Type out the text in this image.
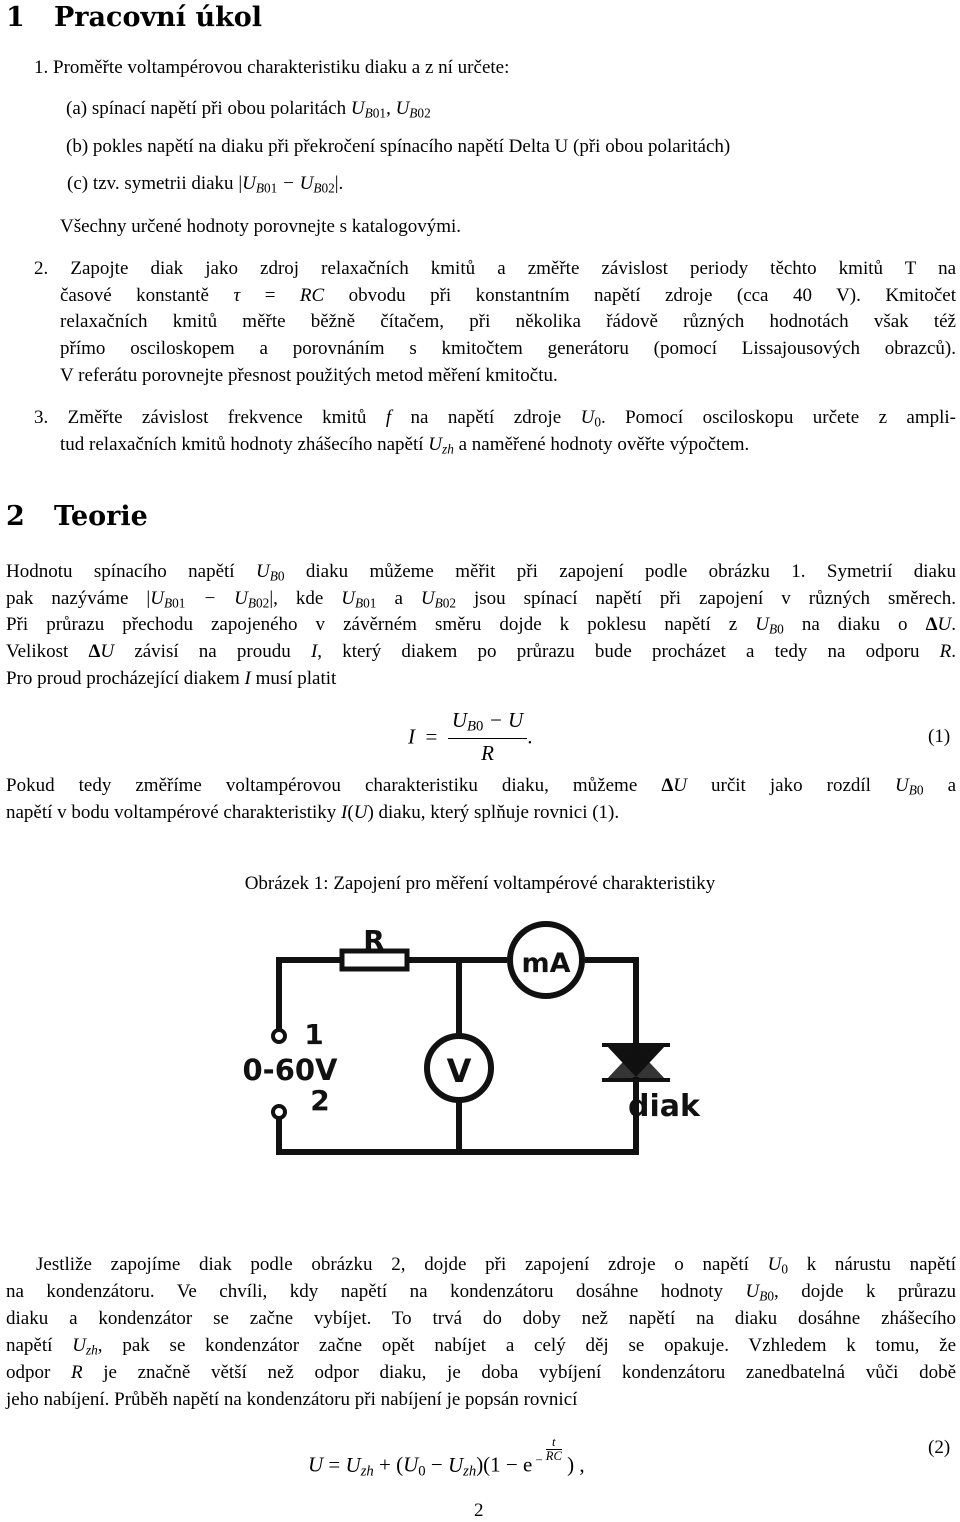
1 Pracovní úkol
1. Proměřte voltampérovou charakteristiku diaku a z ní určete:
(a) spínací napětí při obou polaritách $U_B01$, $U_B02$
(b) pokles napětí na diaku při překročení spínacího napětí Delta U (při obou polaritách)
(c) tzv. symetrii diaku $|U_B01 - U_B02|$.
Všechny určené hodnoty porovnejte s katalogovými.
2. Zapojte diak jako zdroj relaxačních kmitů a změřte závislost periody těchto kmitů T na
časové konstantě τ = RC obvodu při konstantním napětí zdroje (cca 40 V). Kmitočet
relaxačních kmitů měřte běžně čítačem, při několika řádově různých hodnotách však též
přímo osciloskopem a porovnáním s kmitočtem generátoru (pomocí Lissajousových obrazců).
V referátu porovnejte přesnost použitých metod měření kmitočtu.
3. Změřte závislost frekvence kmitů f na napětí zdroje U0. Pomocí osciloskopu určete z ampli-
tud relaxačních kmitů hodnoty zhášecího napětí $U_{zh}$ a naměřené hodnoty ověřte výpočtem.
2 Teorie
Hodnotu spínacího napětí $U_B0$ diaku můžeme měřit při zapojení podle obrázku 1. Symetrií diaku
pak nazýváme $|U_B01 - U_B02|$, kde $U_B01$ a $U_B02$ jsou spínací napětí při zapojení v různých směrech.
Při průrazu přechodu zapojeného v závěrném směru dojde k poklesu napětí z $U_B0$ na diaku o ΔU.
Velikost ΔU závisí na proudu I, který diakem po průrazu bude procházet a tedy na odporu R.
Pro proud procházející diakem I musí platit
$I = \frac{U_B0 - U}{R}$ .	(1)
Pokud tedy změříme voltampérovou charakteristiku diaku, můžeme ΔU určit jako rozdíl $U_B0$ a
napětí v bodu voltampérové charakteristiky I(U) diaku, který splňuje rovnici (1).
Obrázek 1: Zapojení pro měření voltampérové charakteristiky
R
mA
V
1
0-60V
2	diak
Jestliže zapojíme diak podle obrázku 2, dojde při zapojení zdroje o napětí U0 k nárustu napětí
na kondenzátoru. Ve chvíli, kdy napětí na kondenzátoru dosáhne hodnoty $U_B0$, dojde k průrazu
diaku a kondenzátor se začne vybíjet. To trvá do doby než napětí na diaku dosáhne zhášecího
napětí $U_{zh}$, pak se kondenzátor začne opět nabíjet a celý děj se opakuje. Vzhledem k tomu, že
odpor R je značně větší než odpor diaku, je doba vybíjení kondenzátoru zanedbatelná vůči době
jeho nabíjení. Průběh napětí na kondenzátoru při nabíjení je popsán rovnicí
$U = U_{zh} + (U0 - U_{zh})(1 - e$ $^{- \frac{t}{RC}}$
) ,
(2)
2
